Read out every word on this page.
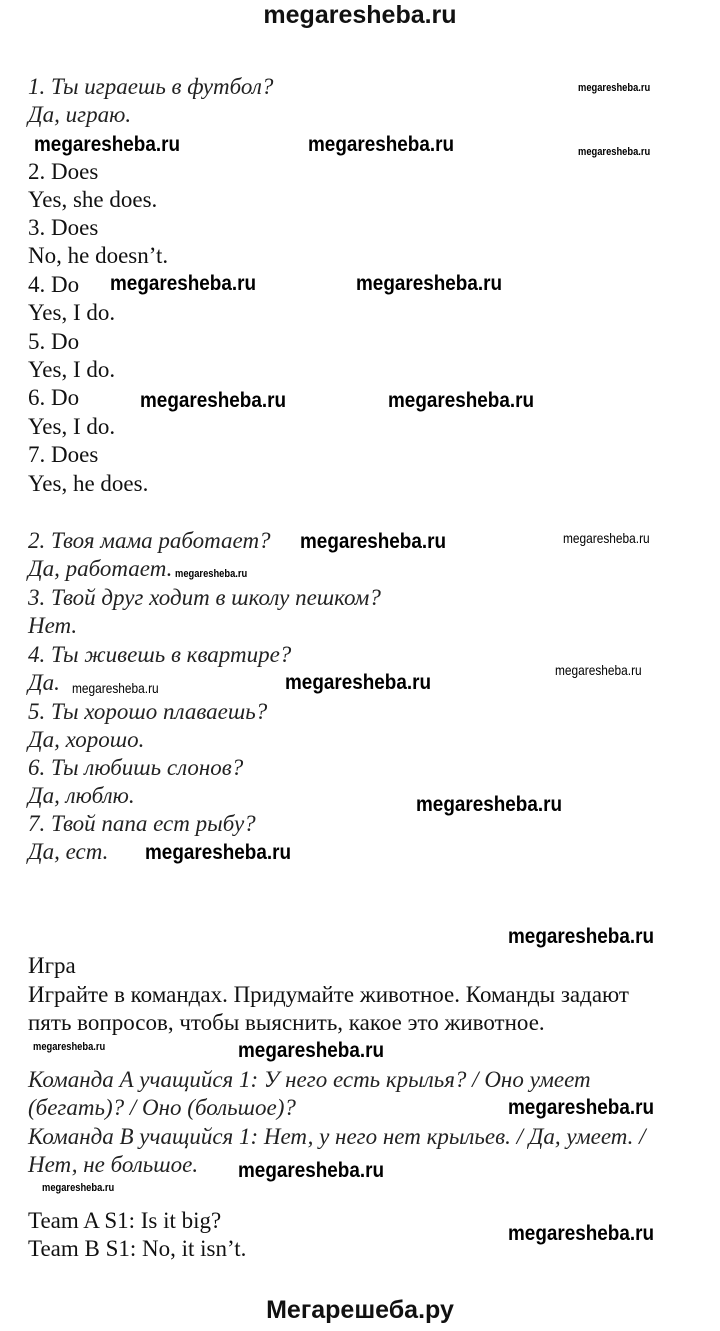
megaresheba.ru
1. Ты играешь в футбол?
Да, играю.
2. Does
Yes, she does.
3. Does
No, he doesn’t.
4. Do
Yes, I do.
5. Do
Yes, I do.
6. Do
Yes, I do.
7. Does
Yes, he does.
2. Твоя мама работает?
Да, работает.
3. Твой друг ходит в школу пешком?
Нет.
4. Ты живешь в квартире?
Да.
5. Ты хорошо плаваешь?
Да, хорошо.
6. Ты любишь слонов?
Да, люблю.
7. Твой папа ест рыбу?
Да, ест.
Игра
Играйте в командах. Придумайте животное. Команды задают
пять вопросов, чтобы выяснить, какое это животное.
Команда А учащийся 1: У него есть крылья? / Оно умеет
(бегать)? / Оно (большое)?
Команда В учащийся 1: Нет, у него нет крыльев. / Да, умеет. /
Нет, не большое.
Team A S1: Is it big?
Team B S1: No, it isn’t.
megaresheba.ru	megaresheba.ru
megaresheba.ru	megaresheba.ru
megaresheba.ru	megaresheba.ru
megaresheba.ru
megaresheba.ru
megaresheba.ru
megaresheba.ru
megaresheba.ru
megaresheba.ru
megaresheba.ru
megaresheba.ru
megaresheba.ru
megaresheba.ru
megaresheba.ru
megaresheba.ru
megaresheba.ru
megaresheba.ru
megaresheba.ru
megaresheba.ru
megaresheba.ru
Мегарешеба.ру
